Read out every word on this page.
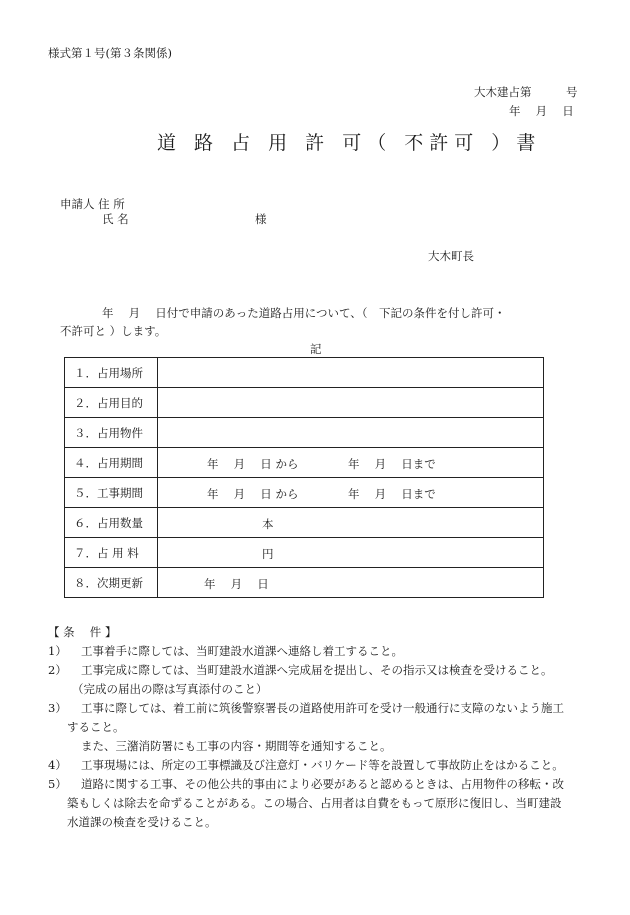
様式第１号(第３条関係)
大木建占第　　　号
年　 月　 日
道 路 占 用 許 可（ 不許可 ）書
申請人 住 所
氏 名	様
大木町長
年　 月　 日付で申請のあった道路占用について、（　下記の条件を付し許可・
不許可と ）します。
記
１．占用場所	
２．占用目的	
３．占用物件	
４．占用期間	年　 月　 日 から 年　 月　 日まで

５．工事期間	年　 月　 日 から 年　 月　 日まで

６．占用数量	本

７．占 用 料	円

８．次期更新	年　 月　 日
【 条　 件 】
1） 工事着手に際しては、当町建設水道課へ連絡し着工すること。
2） 工事完成に際しては、当町建設水道課へ完成届を提出し、その指示又は検査を受けること。
（完成の届出の際は写真添付のこと）
3） 工事に際しては、着工前に筑後警察署長の道路使用許可を受け一般通行に支障のないよう施工
すること。
また、三潴消防署にも工事の内容・期間等を通知すること。
4） 工事現場には、所定の工事標識及び注意灯・バリケード等を設置して事故防止をはかること。
5） 道路に関する工事、その他公共的事由により必要があると認めるときは、占用物件の移転・改
築もしくは除去を命ずることがある。この場合、占用者は自費をもって原形に復旧し、当町建設
水道課の検査を受けること。
